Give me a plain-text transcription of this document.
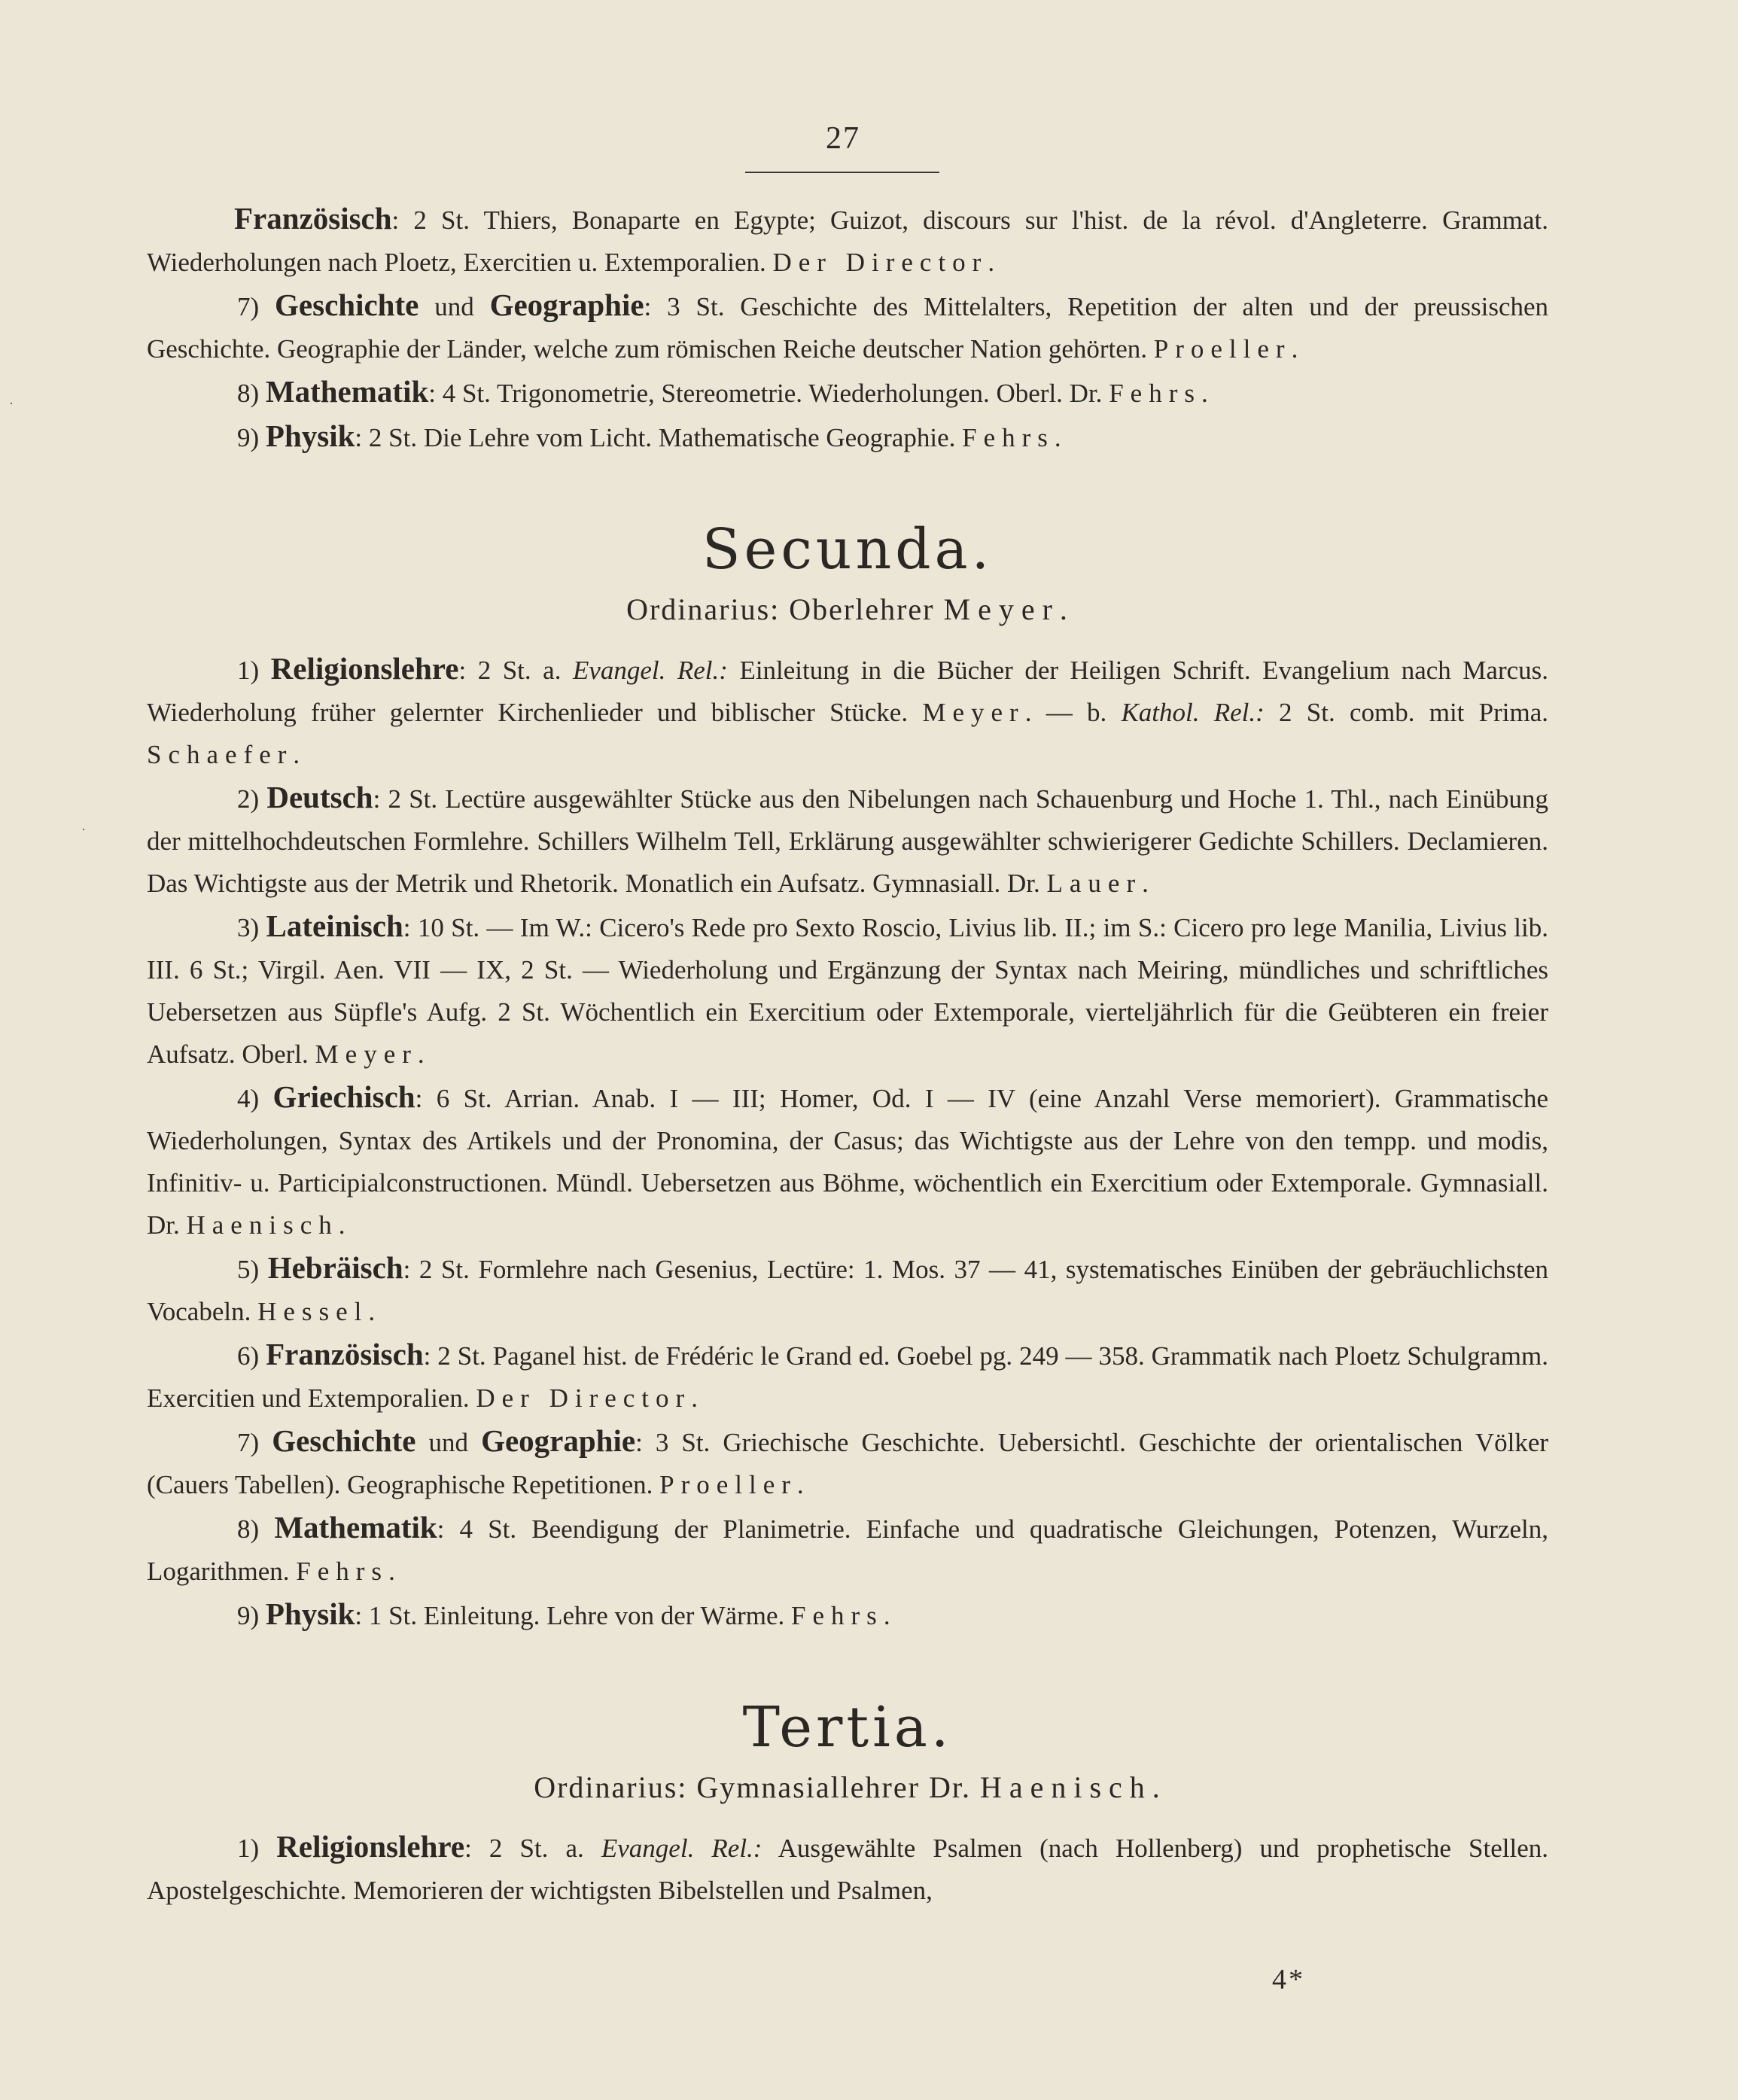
27
·
·

Französisch: 2 St. Thiers, Bonaparte en Egypte; Guizot, discours sur l'hist. de la révol. d'Angleterre. Grammat. Wiederholungen nach Ploetz, Exercitien u. Extemporalien. Der Director.

7) Geschichte und Geographie: 3 St. Geschichte des Mittelalters, Repetition der alten und der preussischen Geschichte. Geographie der Länder, welche zum römischen Reiche deutscher Nation gehörten. Proeller.

8) Mathematik: 4 St. Trigonometrie, Stereometrie. Wiederholungen. Oberl. Dr. Fehrs.

9) Physik: 2 St. Die Lehre vom Licht. Mathematische Geographie. Fehrs.

Secunda.

Ordinarius: Oberlehrer Meyer.

1) Religionslehre: 2 St. a. Evangel. Rel.: Einleitung in die Bücher der Heiligen Schrift. Evangelium nach Marcus. Wiederholung früher gelernter Kirchenlieder und biblischer Stücke. Meyer. — b. Kathol. Rel.: 2 St. comb. mit Prima. Schaefer.

2) Deutsch: 2 St. Lectüre ausgewählter Stücke aus den Nibelungen nach Schauenburg und Hoche 1. Thl., nach Einübung der mittelhochdeutschen Formlehre. Schillers Wilhelm Tell, Erklärung ausgewählter schwierigerer Gedichte Schillers. Declamieren. Das Wichtigste aus der Metrik und Rhetorik. Monatlich ein Aufsatz. Gymnasiall. Dr. Lauer.

3) Lateinisch: 10 St. — Im W.: Cicero's Rede pro Sexto Roscio, Livius lib. II.; im S.: Cicero pro lege Manilia, Livius lib. III. 6 St.; Virgil. Aen. VII — IX, 2 St. — Wiederholung und Ergänzung der Syntax nach Meiring, mündliches und schriftliches Uebersetzen aus Süpfle's Aufg. 2 St. Wöchentlich ein Exercitium oder Extemporale, vierteljährlich für die Geübteren ein freier Aufsatz. Oberl. Meyer.

4) Griechisch: 6 St. Arrian. Anab. I — III; Homer, Od. I — IV (eine Anzahl Verse memoriert). Grammatische Wiederholungen, Syntax des Artikels und der Pronomina, der Casus; das Wichtigste aus der Lehre von den tempp. und modis, Infinitiv- u. Participialconstructionen. Mündl. Uebersetzen aus Böhme, wöchentlich ein Exercitium oder Extemporale. Gymnasiall. Dr. Haenisch.

5) Hebräisch: 2 St. Formlehre nach Gesenius, Lectüre: 1. Mos. 37 — 41, systematisches Einüben der gebräuchlichsten Vocabeln. Hessel.

6) Französisch: 2 St. Paganel hist. de Frédéric le Grand ed. Goebel pg. 249 — 358. Grammatik nach Ploetz Schulgramm. Exercitien und Extemporalien. Der Director.

7) Geschichte und Geographie: 3 St. Griechische Geschichte. Uebersichtl. Geschichte der orientalischen Völker (Cauers Tabellen). Geographische Repetitionen. Proeller.

8) Mathematik: 4 St. Beendigung der Planimetrie. Einfache und quadratische Gleichungen, Potenzen, Wurzeln, Logarithmen. Fehrs.

9) Physik: 1 St. Einleitung. Lehre von der Wärme. Fehrs.

Tertia.

Ordinarius: Gymnasiallehrer Dr. Haenisch.

1) Religionslehre: 2 St. a. Evangel. Rel.: Ausgewählte Psalmen (nach Hollenberg) und prophetische Stellen. Apostelgeschichte. Memorieren der wichtigsten Bibelstellen und Psalmen,

4*
